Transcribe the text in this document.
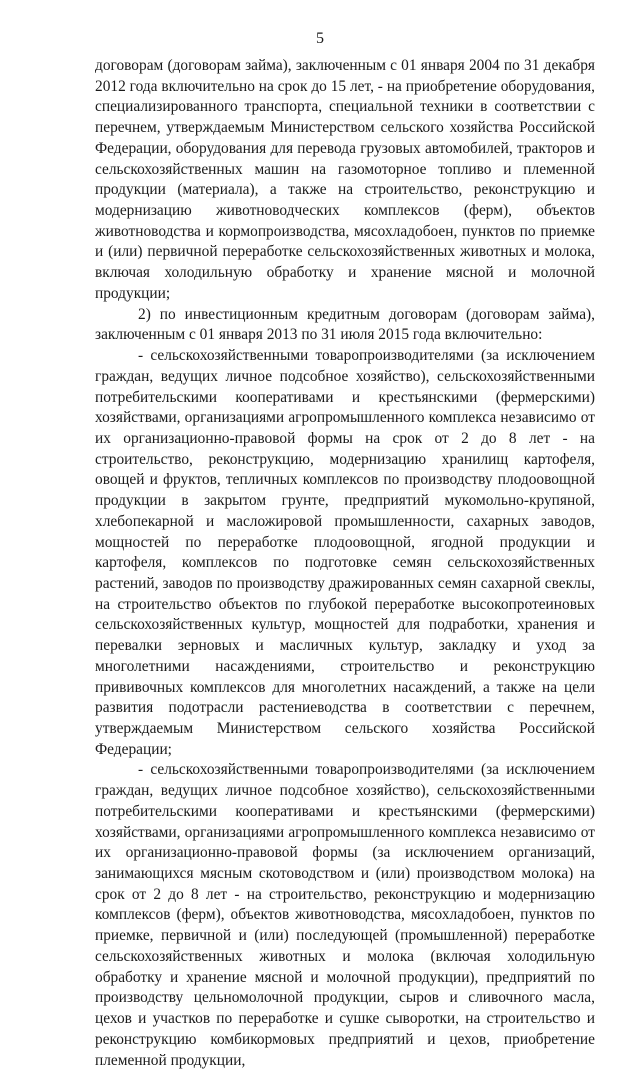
5

договорам (договорам займа), заключенным с 01 января 2004 по 31 декабря 2012 года включительно на срок до 15 лет, - на приобретение оборудования, специализированного транспорта, специальной техники в соответствии с перечнем, утверждаемым Министерством сельского хозяйства Российской Федерации, оборудования для перевода грузовых автомобилей, тракторов и сельскохозяйственных машин на газомоторное топливо и племенной продукции (материала), а также на строительство, реконструкцию и модернизацию животноводческих комплексов (ферм), объектов животноводства и кормопроизводства, мясохладобоен, пунктов по приемке и (или) первичной переработке сельскохозяйственных животных и молока, включая холодильную обработку и хранение мясной и молочной продукции;

2) по инвестиционным кредитным договорам (договорам займа), заключенным с 01 января 2013 по 31 июля 2015 года включительно:

- сельскохозяйственными товаропроизводителями (за исключением граждан, ведущих личное подсобное хозяйство), сельскохозяйственными потребительскими кооперативами и крестьянскими (фермерскими) хозяйствами, организациями агропромышленного комплекса независимо от их организационно-правовой формы на срок от 2 до 8 лет - на строительство, реконструкцию, модернизацию хранилищ картофеля, овощей и фруктов, тепличных комплексов по производству плодоовощной продукции в закрытом грунте, предприятий мукомольно-крупяной, хлебопекарной и масложировой промышленности, сахарных заводов, мощностей по переработке плодоовощной, ягодной продукции и картофеля, комплексов по подготовке семян сельскохозяйственных растений, заводов по производству дражированных семян сахарной свеклы, на строительство объектов по глубокой переработке высокопротеиновых сельскохозяйственных культур, мощностей для подработки, хранения и перевалки зерновых и масличных культур, закладку и уход за многолетними насаждениями, строительство и реконструкцию прививочных комплексов для многолетних насаждений, а также на цели развития подотрасли растениеводства в соответствии с перечнем, утверждаемым Министерством сельского хозяйства Российской Федерации;

- сельскохозяйственными товаропроизводителями (за исключением граждан, ведущих личное подсобное хозяйство), сельскохозяйственными потребительскими кооперативами и крестьянскими (фермерскими) хозяйствами, организациями агропромышленного комплекса независимо от их организационно-правовой формы (за исключением организаций, занимающихся мясным скотоводством и (или) производством молока) на срок от 2 до 8 лет - на строительство, реконструкцию и модернизацию комплексов (ферм), объектов животноводства, мясохладобоен, пунктов по приемке, первичной и (или) последующей (промышленной) переработке сельскохозяйственных животных и молока (включая холодильную обработку и хранение мясной и молочной продукции), предприятий по производству цельномолочной продукции, сыров и сливочного масла, цехов и участков по переработке и сушке сыворотки, на строительство и реконструкцию комбикормовых предприятий и цехов, приобретение племенной продукции,
